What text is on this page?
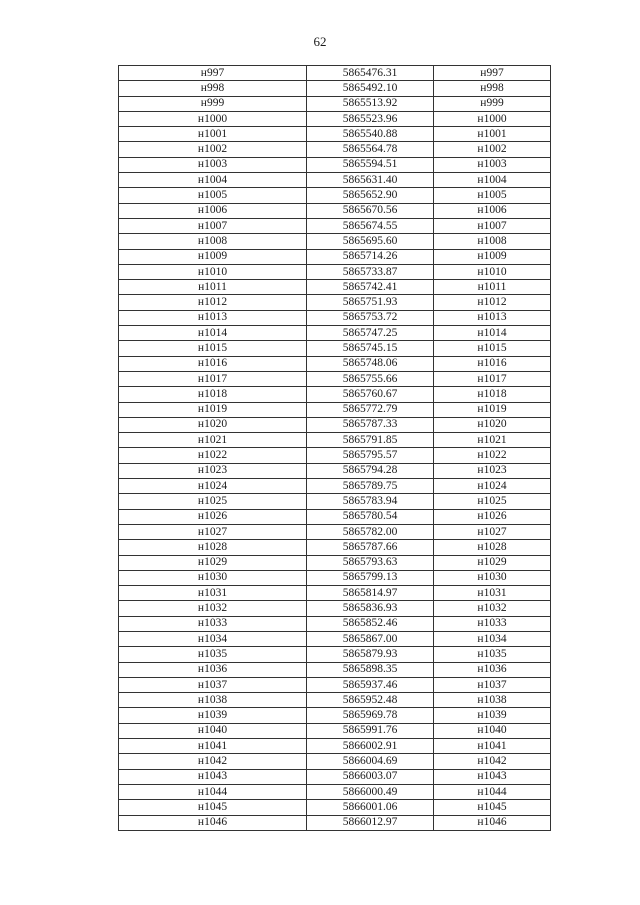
62
н997	5865476.31	н997
н998	5865492.10	н998
н999	5865513.92	н999
н1000	5865523.96	н1000
н1001	5865540.88	н1001
н1002	5865564.78	н1002
н1003	5865594.51	н1003
н1004	5865631.40	н1004
н1005	5865652.90	н1005
н1006	5865670.56	н1006
н1007	5865674.55	н1007
н1008	5865695.60	н1008
н1009	5865714.26	н1009
н1010	5865733.87	н1010
н1011	5865742.41	н1011
н1012	5865751.93	н1012
н1013	5865753.72	н1013
н1014	5865747.25	н1014
н1015	5865745.15	н1015
н1016	5865748.06	н1016
н1017	5865755.66	н1017
н1018	5865760.67	н1018
н1019	5865772.79	н1019
н1020	5865787.33	н1020
н1021	5865791.85	н1021
н1022	5865795.57	н1022
н1023	5865794.28	н1023
н1024	5865789.75	н1024
н1025	5865783.94	н1025
н1026	5865780.54	н1026
н1027	5865782.00	н1027
н1028	5865787.66	н1028
н1029	5865793.63	н1029
н1030	5865799.13	н1030
н1031	5865814.97	н1031
н1032	5865836.93	н1032
н1033	5865852.46	н1033
н1034	5865867.00	н1034
н1035	5865879.93	н1035
н1036	5865898.35	н1036
н1037	5865937.46	н1037
н1038	5865952.48	н1038
н1039	5865969.78	н1039
н1040	5865991.76	н1040
н1041	5866002.91	н1041
н1042	5866004.69	н1042
н1043	5866003.07	н1043
н1044	5866000.49	н1044
н1045	5866001.06	н1045
н1046	5866012.97	н1046
